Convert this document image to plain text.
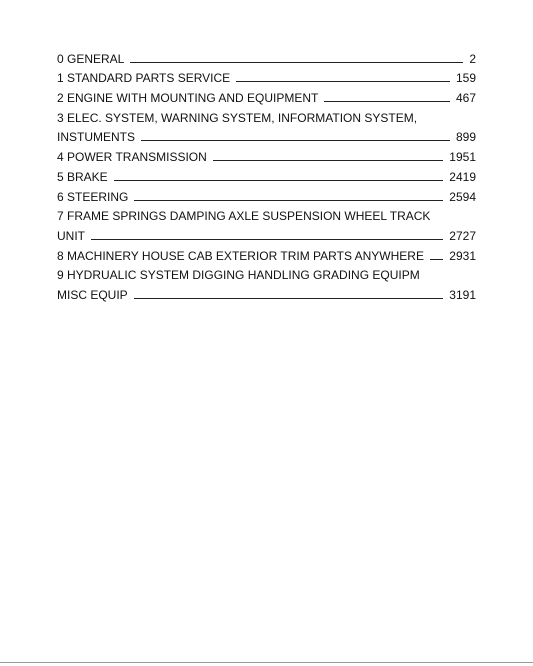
0 GENERAL	2
1 STANDARD PARTS SERVICE	159
2 ENGINE WITH MOUNTING AND EQUIPMENT	467
3 ELEC. SYSTEM, WARNING SYSTEM, INFORMATION SYSTEM,
INSTUMENTS	899
4 POWER TRANSMISSION	1951
5 BRAKE	2419
6 STEERING	2594
7 FRAME SPRINGS DAMPING AXLE SUSPENSION WHEEL TRACK
UNIT	2727
8 MACHINERY HOUSE CAB EXTERIOR TRIM PARTS ANYWHERE 2931
9 HYDRUALIC SYSTEM DIGGING HANDLING GRADING EQUIPM
MISC EQUIP	3191
